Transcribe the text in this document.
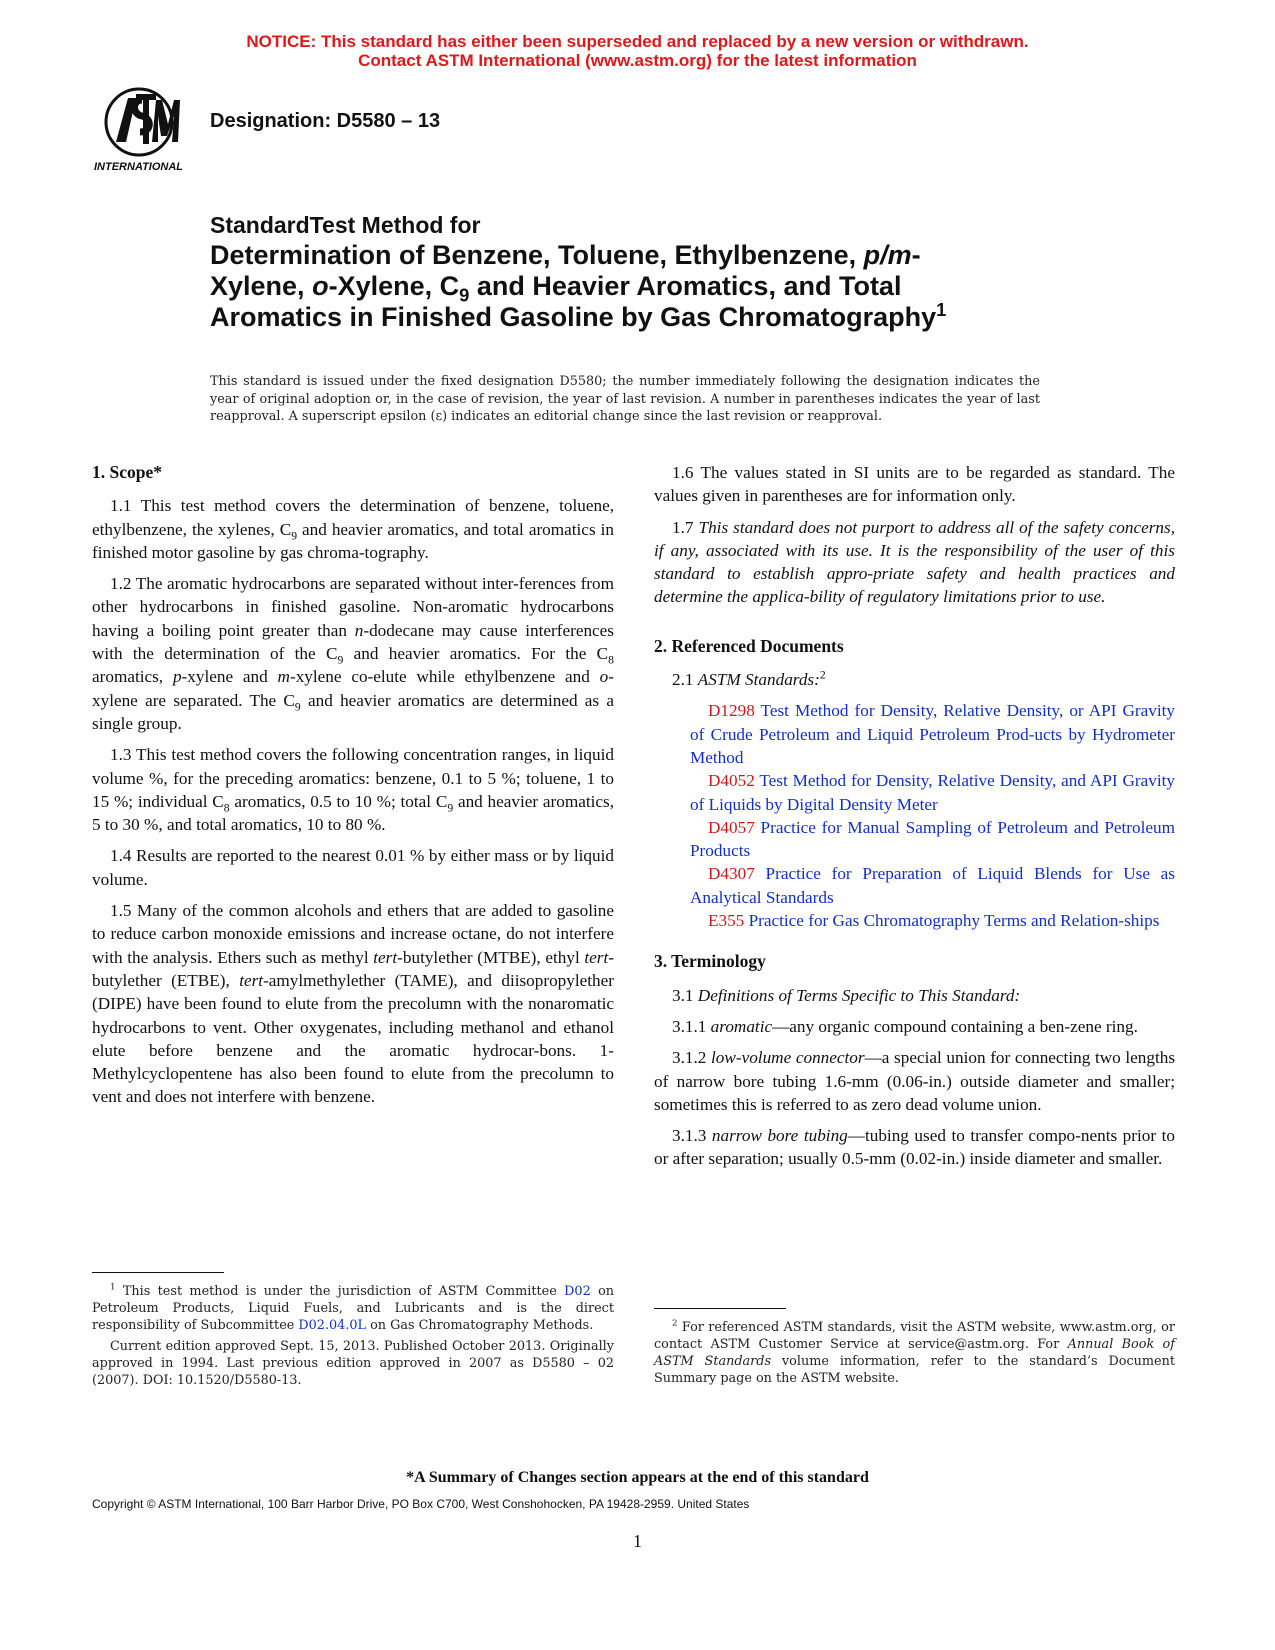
NOTICE: This standard has either been superseded and replaced by a new version or withdrawn.
Contact ASTM International (www.astm.org) for the latest information
INTERNATIONAL
Designation: D5580 – 13
StandardTest Method for
Determination of Benzene, Toluene, Ethylbenzene, p/m-
Xylene, o-Xylene, $C_9$ and Heavier Aromatics, and Total
Aromatics in Finished Gasoline by Gas Chromatography$^1$
This standard is issued under the fixed designation D5580; the number immediately following the designation indicates the year of original adoption or, in the case of revision, the year of last revision. A number in parentheses indicates the year of last reapproval. A superscript epsilon (ε) indicates an editorial change since the last revision or reapproval.
1. Scope*

1.1 This test method covers the determination of benzene, toluene, ethylbenzene, the xylenes, $C_9$ and heavier aromatics, and total aromatics in finished motor gasoline by gas chroma-tography.

1.2 The aromatic hydrocarbons are separated without inter-ferences from other hydrocarbons in finished gasoline. Non-aromatic hydrocarbons having a boiling point greater than n-dodecane may cause interferences with the determination of the $C_9$ and heavier aromatics. For the $C_8$ aromatics, p-xylene and m-xylene co-elute while ethylbenzene and o-xylene are separated. The $C_9$ and heavier aromatics are determined as a single group.

1.3 This test method covers the following concentration ranges, in liquid volume %, for the preceding aromatics: benzene, 0.1 to 5 %; toluene, 1 to 15 %; individual $C_8$ aromatics, 0.5 to 10 %; total $C_9$ and heavier aromatics, 5 to 30 %, and total aromatics, 10 to 80 %.

1.4 Results are reported to the nearest 0.01 % by either mass or by liquid volume.

1.5 Many of the common alcohols and ethers that are added to gasoline to reduce carbon monoxide emissions and increase octane, do not interfere with the analysis. Ethers such as methyl tert-butylether (MTBE), ethyl tert-butylether (ETBE), tert-amylmethylether (TAME), and diisopropylether (DIPE) have been found to elute from the precolumn with the nonaromatic hydrocarbons to vent. Other oxygenates, including methanol and ethanol elute before benzene and the aromatic hydrocar-bons. 1-Methylcyclopentene has also been found to elute from the precolumn to vent and does not interfere with benzene.

1.6 The values stated in SI units are to be regarded as standard. The values given in parentheses are for information only.

1.7 This standard does not purport to address all of the safety concerns, if any, associated with its use. It is the responsibility of the user of this standard to establish appro-priate safety and health practices and determine the applica-bility of regulatory limitations prior to use.

2. Referenced Documents

2.1 ASTM Standards:$^2$

D1298 Test Method for Density, Relative Density, or API Gravity of Crude Petroleum and Liquid Petroleum Prod-ucts by Hydrometer Method

D4052 Test Method for Density, Relative Density, and API Gravity of Liquids by Digital Density Meter

D4057 Practice for Manual Sampling of Petroleum and Petroleum Products

D4307 Practice for Preparation of Liquid Blends for Use as Analytical Standards

E355 Practice for Gas Chromatography Terms and Relation-ships

3. Terminology

3.1 Definitions of Terms Specific to This Standard:

3.1.1 aromatic—any organic compound containing a ben-zene ring.

3.1.2 low-volume connector—a special union for connecting two lengths of narrow bore tubing 1.6-mm (0.06-in.) outside diameter and smaller; sometimes this is referred to as zero dead volume union.

3.1.3 narrow bore tubing—tubing used to transfer compo-nents prior to or after separation; usually 0.5-mm (0.02-in.) inside diameter and smaller.

$^1$ This test method is under the jurisdiction of ASTM Committee D02 on Petroleum Products, Liquid Fuels, and Lubricants and is the direct responsibility of Subcommittee D02.04.0L on Gas Chromatography Methods.

Current edition approved Sept. 15, 2013. Published October 2013. Originally approved in 1994. Last previous edition approved in 2007 as D5580 – 02 (2007). DOI: 10.1520/D5580-13.

$^2$ For referenced ASTM standards, visit the ASTM website, www.astm.org, or contact ASTM Customer Service at service@astm.org. For Annual Book of ASTM Standards volume information, refer to the standard’s Document Summary page on the ASTM website.

*A Summary of Changes section appears at the end of this standard
Copyright © ASTM International, 100 Barr Harbor Drive, PO Box C700, West Conshohocken, PA 19428-2959. United States
1
